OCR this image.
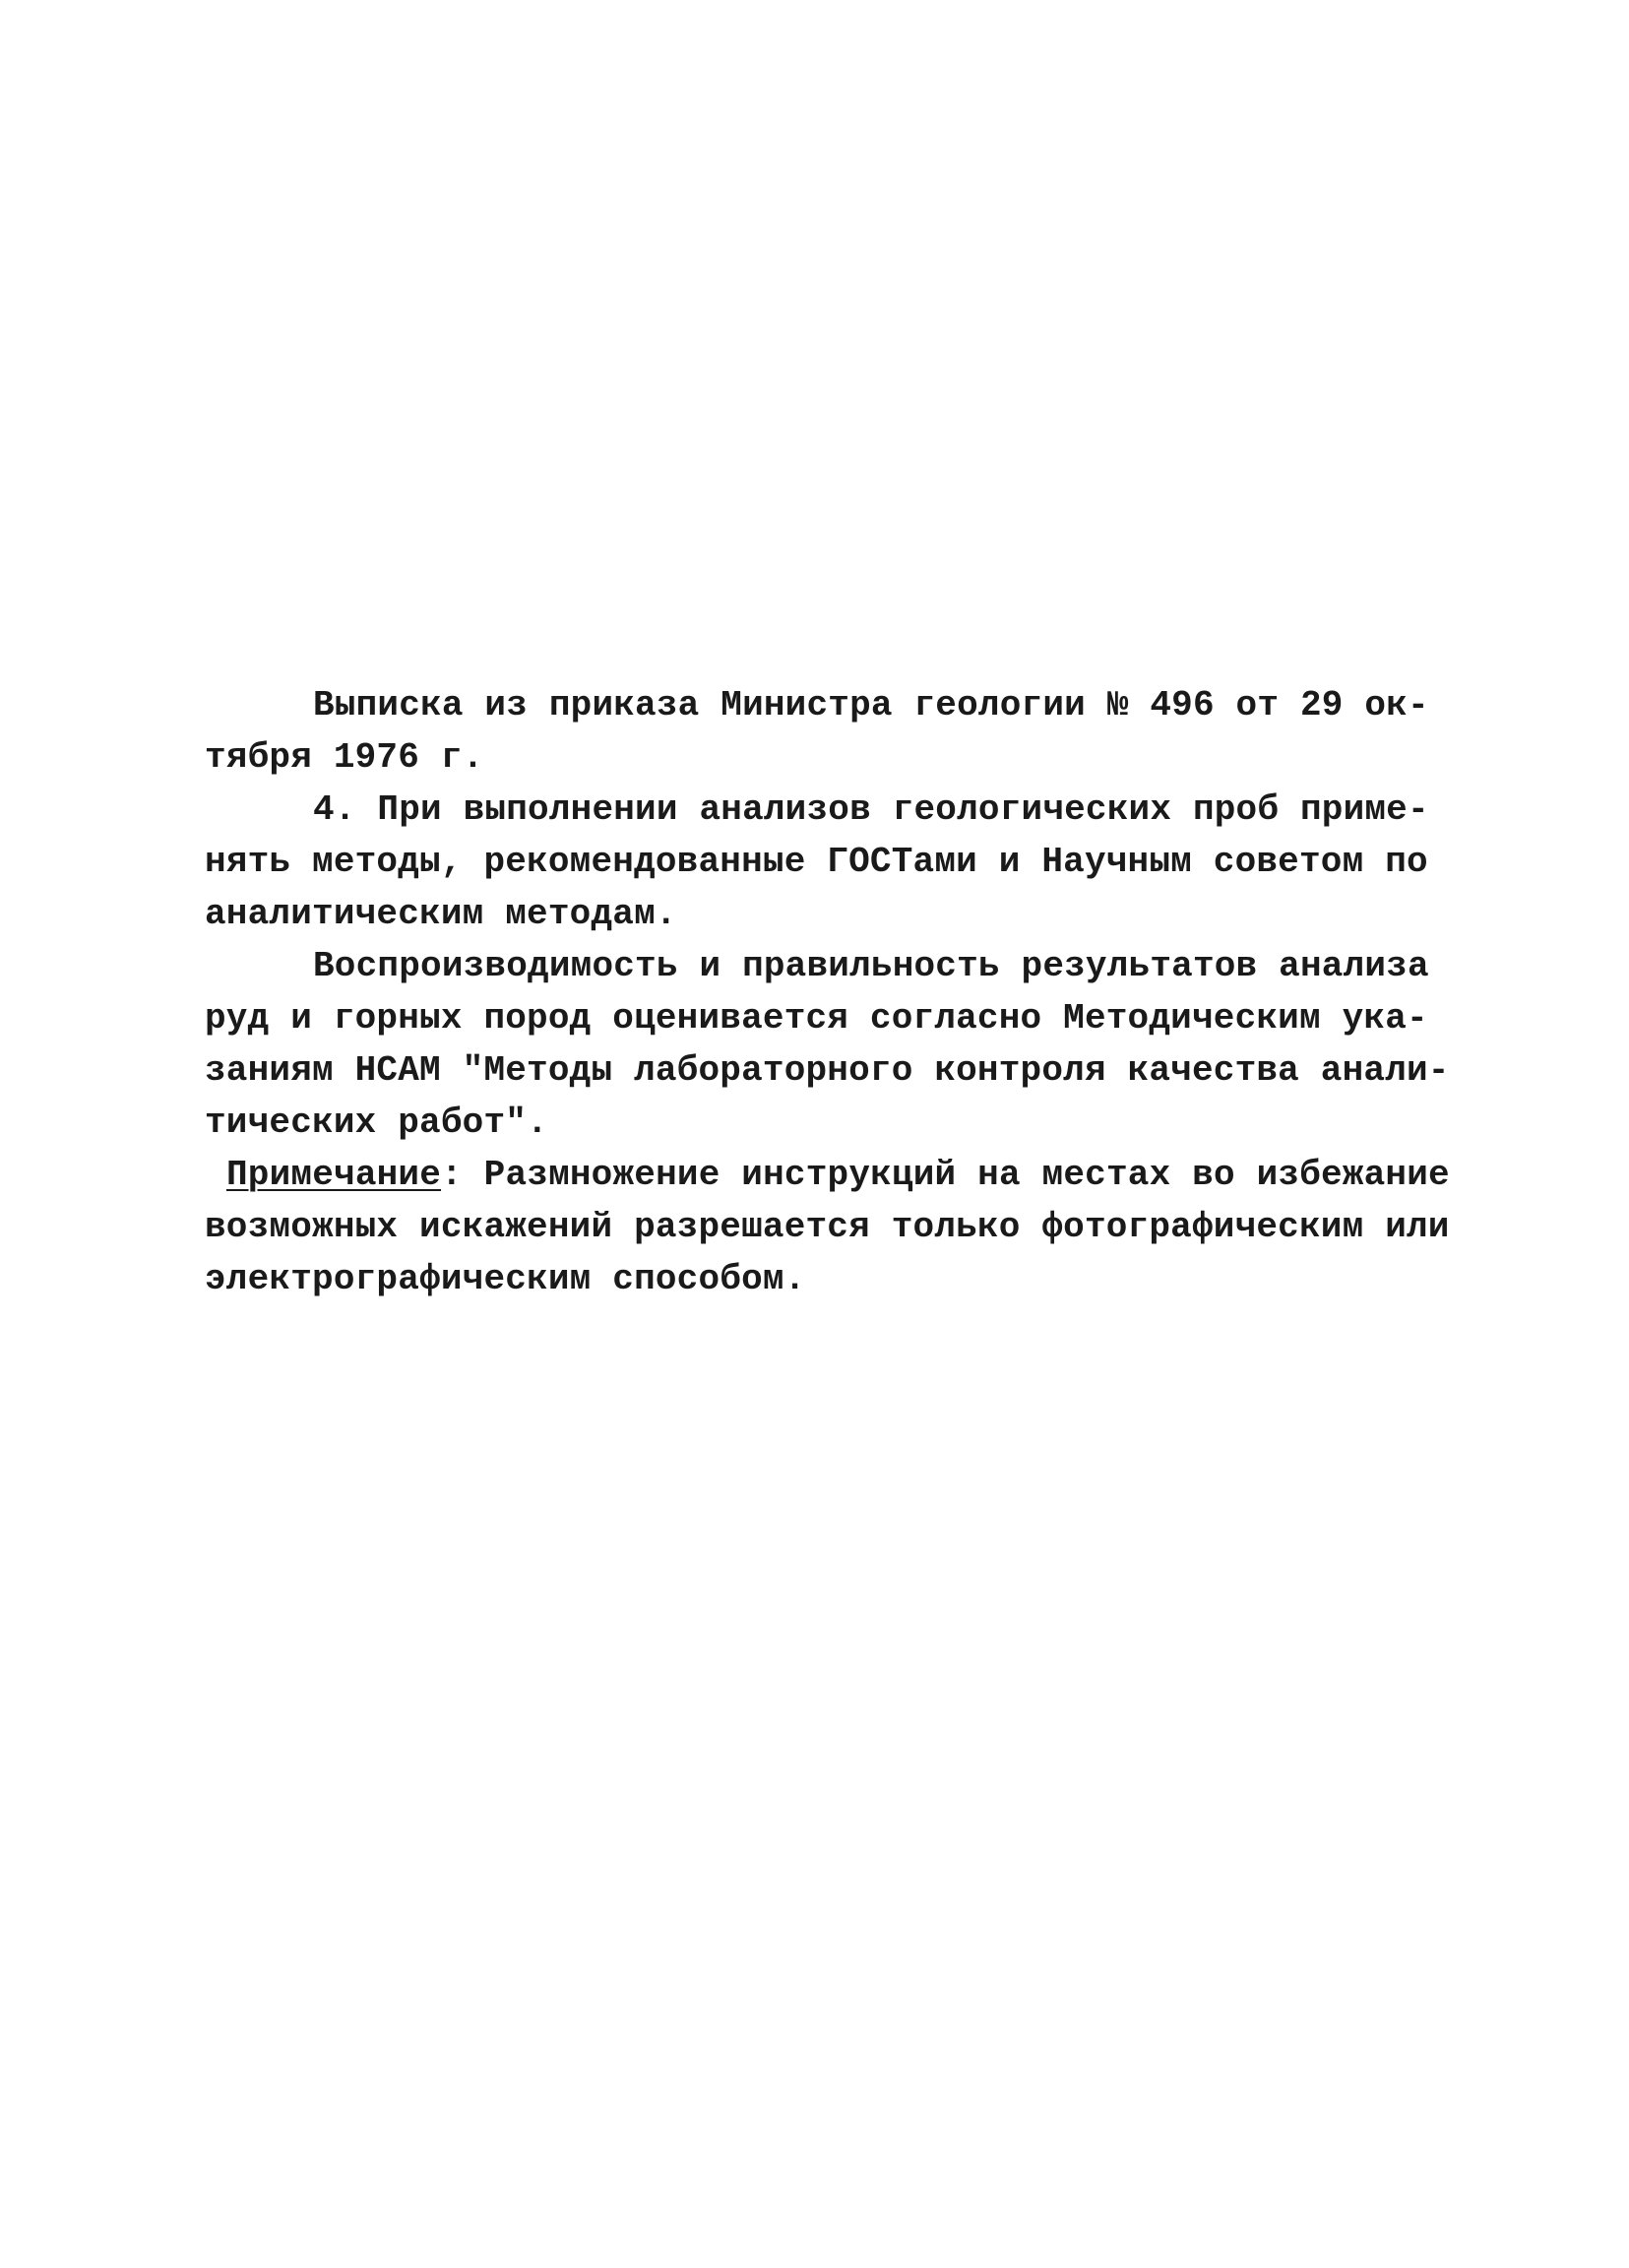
Выписка из приказа Министра геологии № 496 от 29 ок-
тября 1976 г.
4. При выполнении анализов геологических проб приме-
нять методы, рекомендованные ГОСТами и Научным советом по
аналитическим методам.
Воспроизводимость и правильность результатов анализа
руд и горных пород оценивается согласно Методическим ука-
заниям НСАМ "Методы лабораторного контроля качества анали-
тических работ".
Примечание: Размножение инструкций на местах во избежание
возможных искажений разрешается только фотографическим или
электрографическим способом.
